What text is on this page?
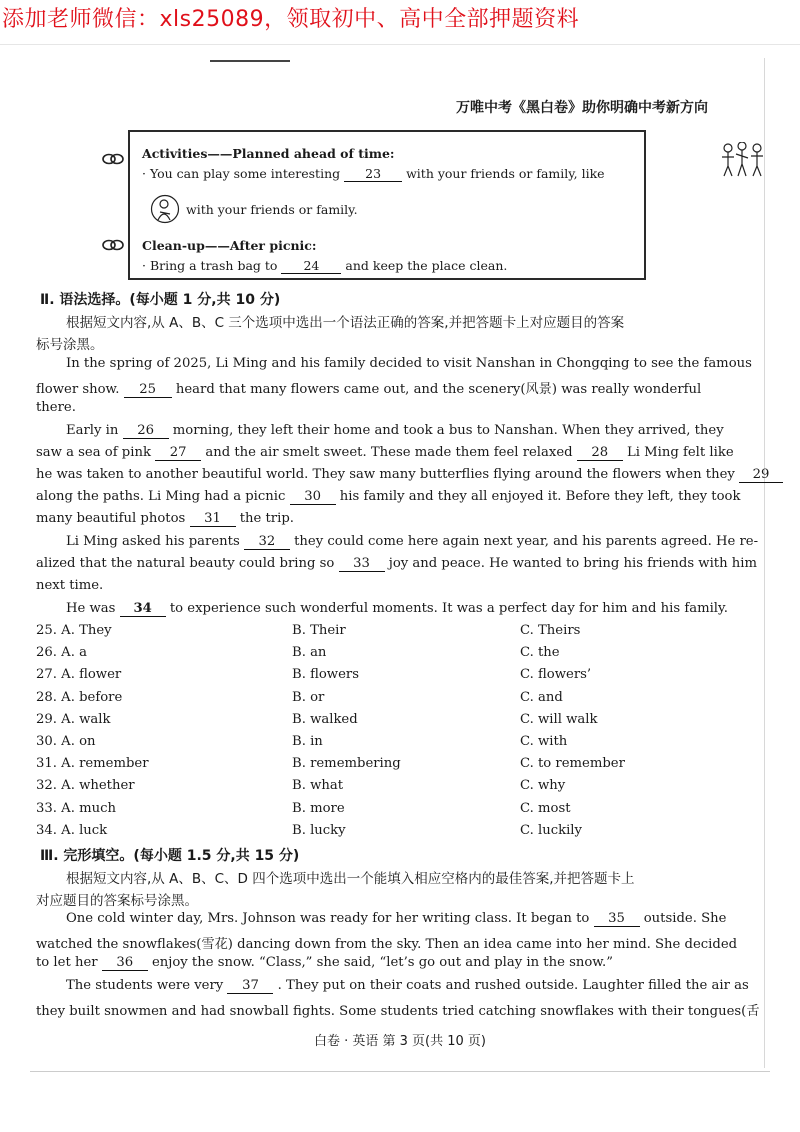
添加老师微信：xls25089，领取初中、高中全部押题资料
万唯中考《黑白卷》助你明确中考新方向
Activities——Planned ahead of time:
· You can play some interesting 23 with your friends or family, like
with your friends or family.
Clean-up——After picnic:
· Bring a trash bag to 24 and keep the place clean.
Ⅱ. 语法选择。(每小题 1 分,共 10 分)
根据短文内容,从 A、B、C 三个选项中选出一个语法正确的答案,并把答题卡上对应题目的答案
标号涂黑。
In the spring of 2025, Li Ming and his family decided to visit Nanshan in Chongqing to see the famous
flower show. 25 heard that many flowers came out, and the scenery(风景) was really wonderful
there.
Early in 26 morning, they left their home and took a bus to Nanshan. When they arrived, they
saw a sea of pink 27 and the air smelt sweet. These made them feel relaxed 28 Li Ming felt like
he was taken to another beautiful world. They saw many butterflies flying around the flowers when they 29
along the paths. Li Ming had a picnic 30 his family and they all enjoyed it. Before they left, they took
many beautiful photos 31 the trip.
Li Ming asked his parents 32 they could come here again next year, and his parents agreed. He re-
alized that the natural beauty could bring so 33 joy and peace. He wanted to bring his friends with him
next time.
He was 34 to experience such wonderful moments. It was a perfect day for him and his family.
25. A. They	B. Their	C. Theirs
26. A. a	B. an	C. the
27. A. flower	B. flowers	C. flowers’
28. A. before	B. or	C. and
29. A. walk	B. walked	C. will walk
30. A. on	B. in	C. with
31. A. remember	B. remembering	C. to remember
32. A. whether	B. what	C. why
33. A. much	B. more	C. most
34. A. luck	B. lucky	C. luckily
Ⅲ. 完形填空。(每小题 1.5 分,共 15 分)
根据短文内容,从 A、B、C、D 四个选项中选出一个能填入相应空格内的最佳答案,并把答题卡上
对应题目的答案标号涂黑。
One cold winter day, Mrs. Johnson was ready for her writing class. It began to 35 outside. She
watched the snowflakes(雪花) dancing down from the sky. Then an idea came into her mind. She decided
to let her 36 enjoy the snow. “Class,” she said, “let’s go out and play in the snow.”
The students were very 37 . They put on their coats and rushed outside. Laughter filled the air as
they built snowmen and had snowball fights. Some students tried catching snowflakes with their tongues(舌
白卷 · 英语 第 3 页(共 10 页)
